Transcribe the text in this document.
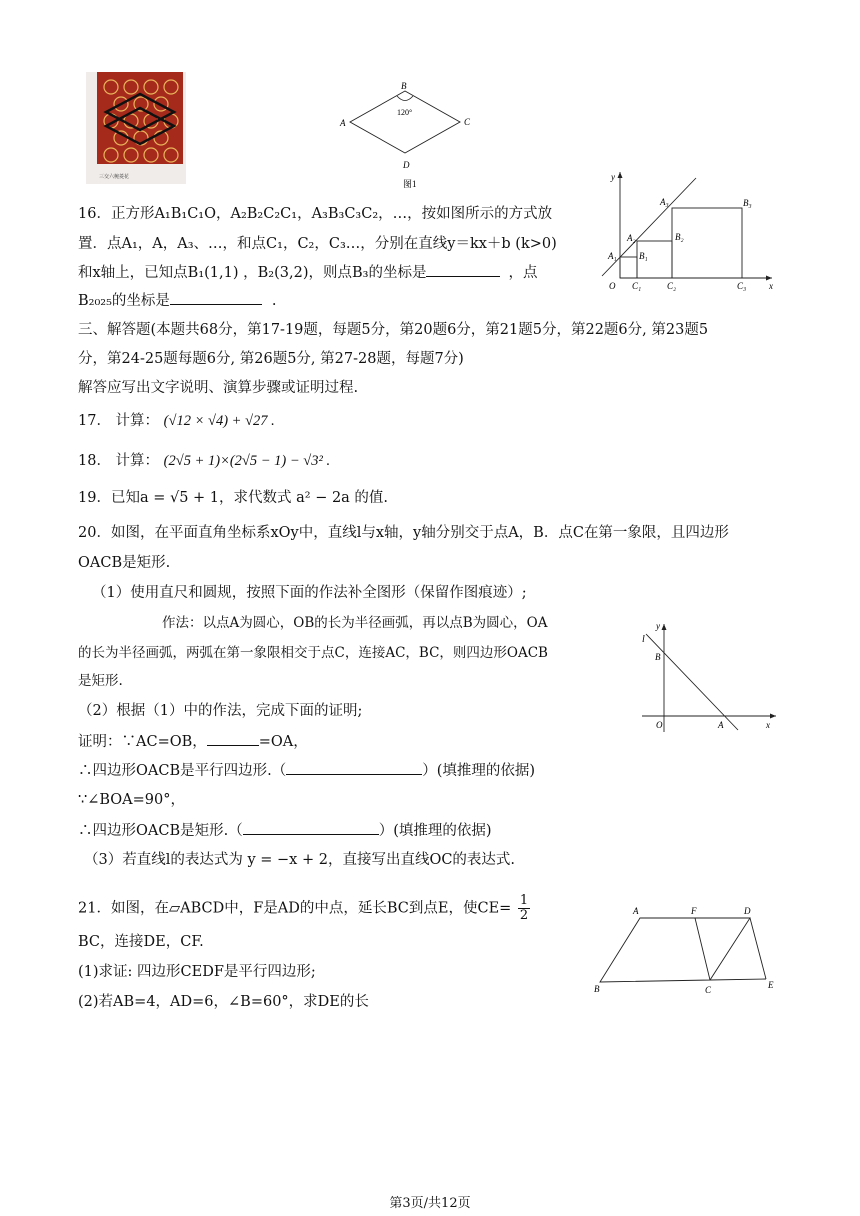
三交六椀菱花
B
120°
A	C
D
图1
y
x
O
A₁
A₂
A₃
B₁
B₂
B₃
C₁	C₂	C₃
16．正方形A₁B₁C₁O，A₂B₂C₂C₁，A₃B₃C₃C₂，…，按如图所示的方式放
置．点A₁，A，A₃、…，和点C₁，C₂，C₃…，分别在直线y＝kx＋b (k>0)
和x轴上，已知点B₁(1,1) ，B₂(3,2)，则点B₃的坐标是	，点
B₂₀₂₅的坐标是	.
三、解答题(本题共68分，第17-19题，每题5分，第20题6分，第21题5分，第22题6分, 第23题5
分，第24-25题每题6分, 第26题5分, 第27-28题，每题7分)
解答应写出文字说明、演算步骤或证明过程.
17． 计算： (√12 × √4) + √27 .
18． 计算： (2√5 + 1)×(2√5 − 1) − √3² .
19．已知a = √5 + 1，求代数式 a² − 2a 的值.
20．如图，在平面直角坐标系xOy中，直线l与x轴，y轴分别交于点A，B．点C在第一象限，且四边形
OACB是矩形.
（1）使用直尺和圆规，按照下面的作法补全图形（保留作图痕迹）;
作法：以点A为圆心，OB的长为半径画弧，再以点B为圆心，OA
的长为半径画弧，两弧在第一象限相交于点C，连接AC，BC，则四边形OACB
是矩形.
（2）根据（1）中的作法，完成下面的证明;
证明：∵AC=OB，	=OA，
∴四边形OACB是平行四边形.（	）(填推理的依据)
∵∠BOA=90°，
∴四边形OACB是矩形.（	）(填推理的依据)
（3）若直线l的表达式为 y = −x + 2，直接写出直线OC的表达式.
y
l
B
O	A	x
21．如图，在▱ABCD中，F是AD的中点，延长BC到点E，使$CE= \frac{1}{2}$
BC，连接DE，CF.
(1)求证: 四边形CEDF是平行四边形;
(2)若AB=4，AD=6，∠B=60°，求DE的长
A	F	D
B	C	E
第3页/共12页
